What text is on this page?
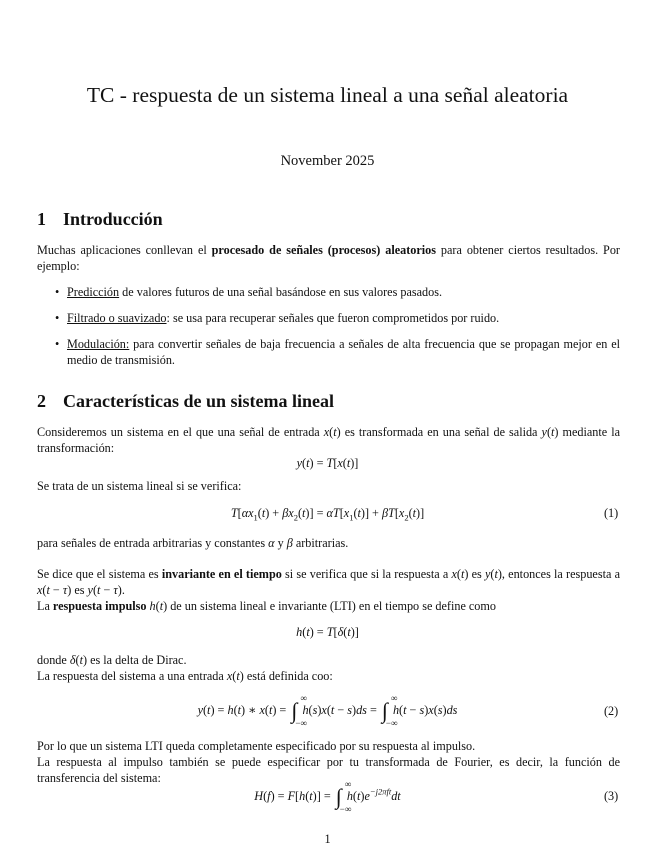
TC - respuesta de un sistema lineal a una señal aleatoria
November 2025
1 Introducción
Muchas aplicaciones conllevan el procesado de señales (procesos) aleatorios para obtener ciertos resultados. Por ejemplo:
• Predicción de valores futuros de una señal basándose en sus valores pasados.
• Filtrado o suavizado: se usa para recuperar señales que fueron comprometidos por ruido.
• Modulación: para convertir señales de baja frecuencia a señales de alta frecuencia que se propagan mejor en el medio de transmisión.
2 Características de un sistema lineal
Consideremos un sistema en el que una señal de entrada x(t) es transformada en una señal de salida y(t) mediante la transformación:
y(t) = T[x(t)]
Se trata de un sistema lineal si se verifica:
$T[\alpha x_1(t) + \beta x_2(t)] = \alpha T[x_1(t)] + \beta T[x_2(t)]$	(1)
para señales de entrada arbitrarias y constantes α y β arbitrarias.
Se dice que el sistema es invariante en el tiempo si se verifica que si la respuesta a x(t) es y(t), entonces la respuesta a x(t − τ) es y(t − τ).
La respuesta impulso h(t) de un sistema lineal e invariante (LTI) en el tiempo se define como
h(t) = T[δ(t)]
donde δ(t) es la delta de Dirac.
La respuesta del sistema a una entrada x(t) está definida coo:
y(t) = h(t) ∗ x(t) = ∫ ∞
−∞
h(s)x(t − s)ds = ∫ ∞
−∞
h(t − s)x(s)ds	(2)
Por lo que un sistema LTI queda completamente especificado por su respuesta al impulso.
La respuesta al impulso también se puede especificar por tu transformada de Fourier, es decir, la función de transferencia del sistema:
H(f) = F[h(t)] = ∫ ∞
−∞
$h(t)e^{-j2\pi ft}dt$	(3)
1
